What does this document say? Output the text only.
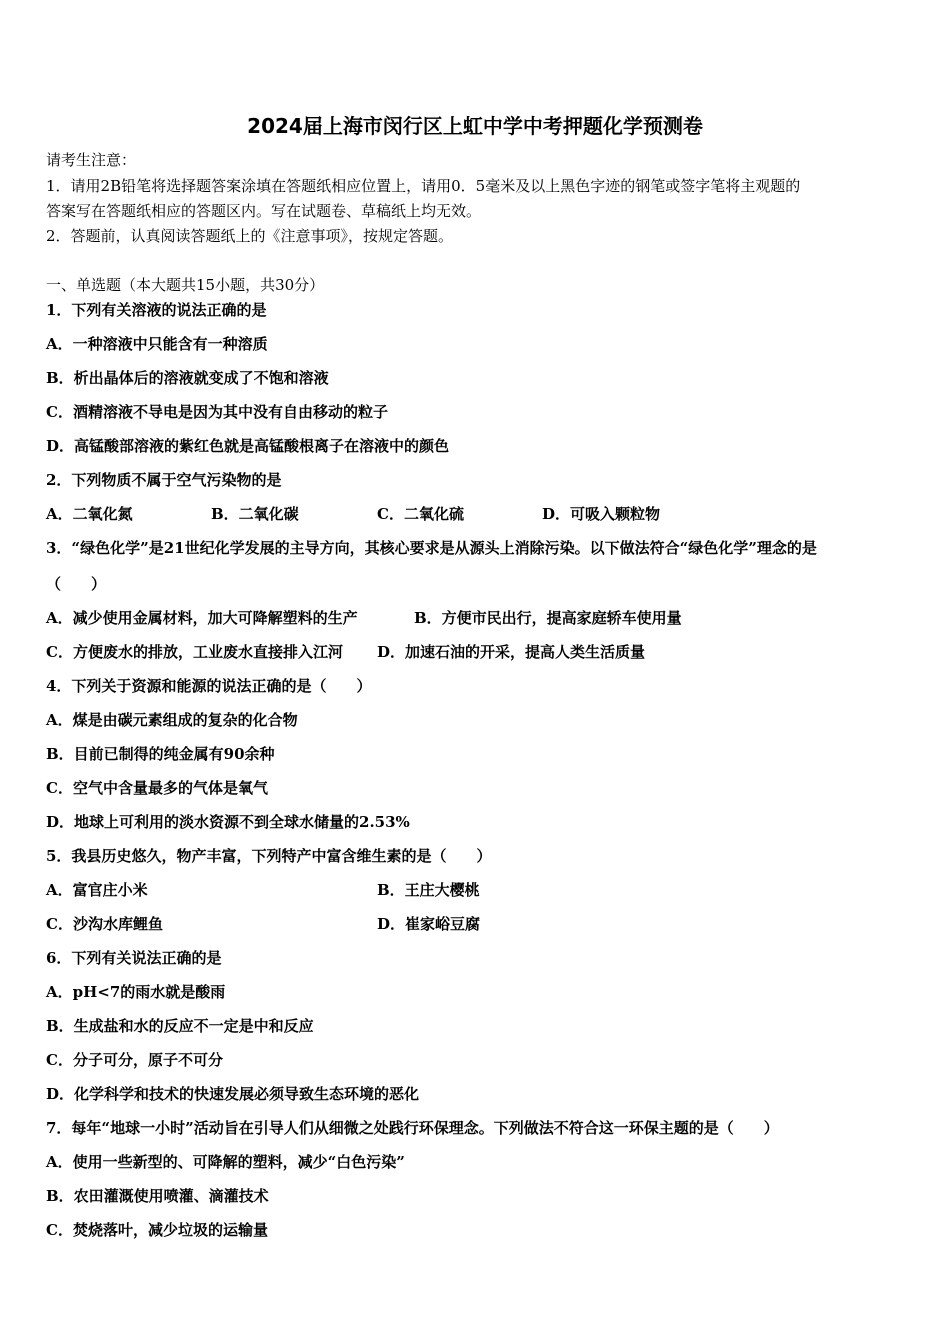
2024届上海市闵行区上虹中学中考押题化学预测卷
请考生注意：
1．请用2B铅笔将选择题答案涂填在答题纸相应位置上，请用0．5毫米及以上黑色字迹的钢笔或签字笔将主观题的
答案写在答题纸相应的答题区内。写在试题卷、草稿纸上均无效。
2．答题前，认真阅读答题纸上的《注意事项》，按规定答题。
一、单选题（本大题共15小题，共30分）
1．下列有关溶液的说法正确的是
A．一种溶液中只能含有一种溶质
B．析出晶体后的溶液就变成了不饱和溶液
C．酒精溶液不导电是因为其中没有自由移动的粒子
D．高锰酸部溶液的紫红色就是高锰酸根离子在溶液中的颜色
2．下列物质不属于空气污染物的是
A．二氧化氮	B．二氧化碳	C．二氧化硫	D．可吸入颗粒物
3．“绿色化学”是21世纪化学发展的主导方向，其核心要求是从源头上消除污染。以下做法符合“绿色化学”理念的是
（　　）
A．减少使用金属材料，加大可降解塑料的生产	B．方便市民出行，提高家庭轿车使用量
C．方便废水的排放，工业废水直接排入江河 D．加速石油的开采，提高人类生活质量
4．下列关于资源和能源的说法正确的是（　　）
A．煤是由碳元素组成的复杂的化合物
B．目前已制得的纯金属有90余种
C．空气中含量最多的气体是氧气
D．地球上可利用的淡水资源不到全球水储量的2.53%
5．我县历史悠久，物产丰富，下列特产中富含维生素的是（　　）
A．富官庄小米	B．王庄大樱桃
C．沙沟水库鲤鱼	D．崔家峪豆腐
6．下列有关说法正确的是
A．pH<7的雨水就是酸雨
B．生成盐和水的反应不一定是中和反应
C．分子可分，原子不可分
D．化学科学和技术的快速发展必须导致生态环境的恶化
7．每年“地球一小时”活动旨在引导人们从细微之处践行环保理念。下列做法不符合这一环保主题的是（　　）
A．使用一些新型的、可降解的塑料，减少“白色污染”
B．农田灌溉使用喷灌、滴灌技术
C．焚烧落叶，减少垃圾的运输量
